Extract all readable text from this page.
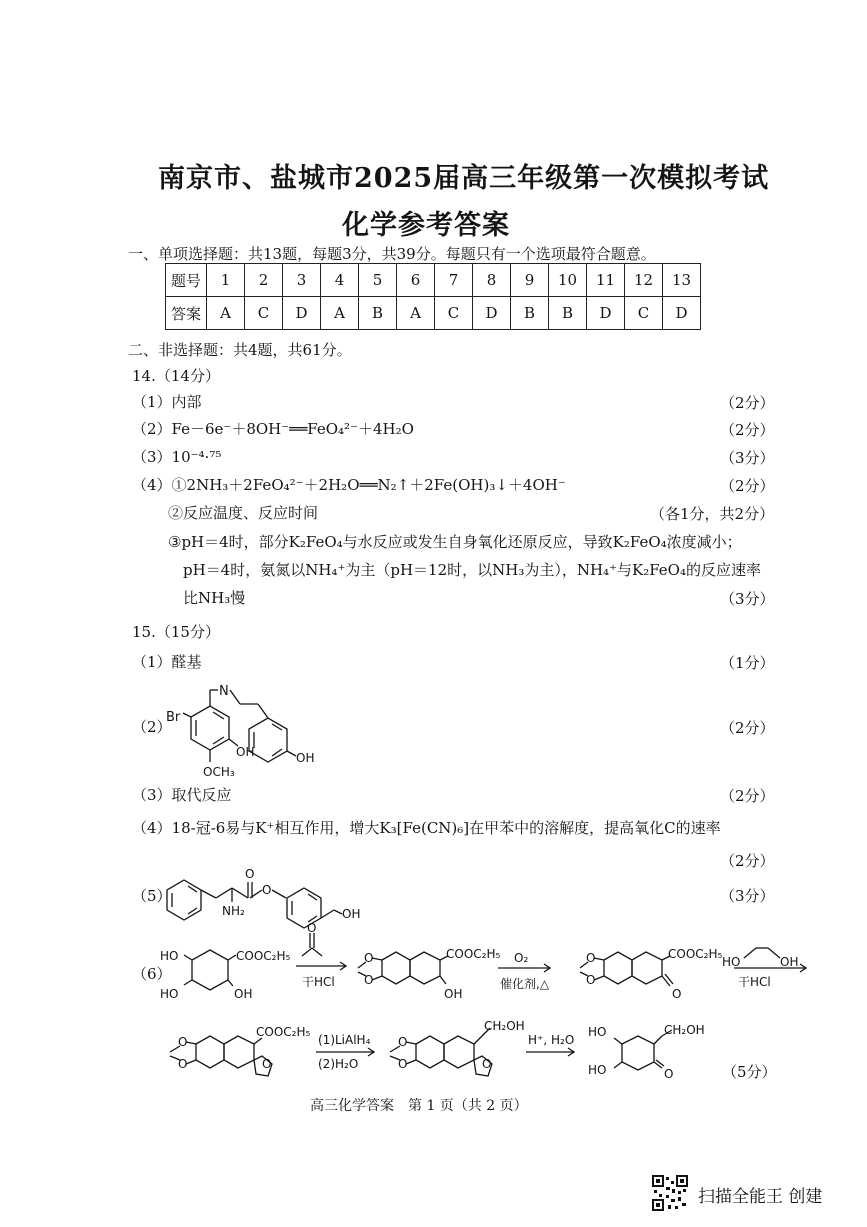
南京市、盐城市2025届高三年级第一次模拟考试
化学参考答案
一、单项选择题：共13题，每题3分，共39分。每题只有一个选项最符合题意。
题号	1	2	3	4	5	6	7	8	9	10	11	12	13
答案	A	C	D	A	B	A	C	D	B	B	D	C	D
二、非选择题：共4题，共61分。
14.（14分）
（1）内部	（2分）
（2）Fe－6e⁻＋8OH⁻══FeO₄²⁻＋4H₂O	（2分）
（3）10⁻⁴·⁷⁵	（3分）
（4）①2NH₃＋2FeO₄²⁻＋2H₂O══N₂↑＋2Fe(OH)₃↓＋4OH⁻	（2分）
②反应温度、反应时间	（各1分，共2分）
③pH＝4时，部分K₂FeO₄与水反应或发生自身氧化还原反应，导致K₂FeO₄浓度减小；
pH＝4时，氨氮以NH₄⁺为主（pH＝12时，以NH₃为主），NH₄⁺与K₂FeO₄的反应速率
比NH₃慢	（3分）
15.（15分）
（1）醛基	（1分）
（2）	（2分）
Br
N
OH
OCH₃
OH
（3）取代反应	（2分）
（4）18-冠-6易与K⁺相互作用，增大K₃[Fe(CN)₆]在甲苯中的溶解度，提高氧化C的速率
（2分）
（5）	（3分）
O
O
NH₂	OH
（6）
HO
HO
COOC₂H₅
OH
O
干HCl
O
O
COOC₂H₅
OH
O₂
催化剂,△
O
O
COOC₂H₅
O
HO	OH
干HCl
O
O
COOC₂H₅
O
(1)LiAlH₄
(2)H₂O
O
O
CH₂OH
O
H⁺, H₂O
HO
HO
CH₂OH
O	（5分）
高三化学答案　第 1 页（共 2 页）
扫描全能王 创建
